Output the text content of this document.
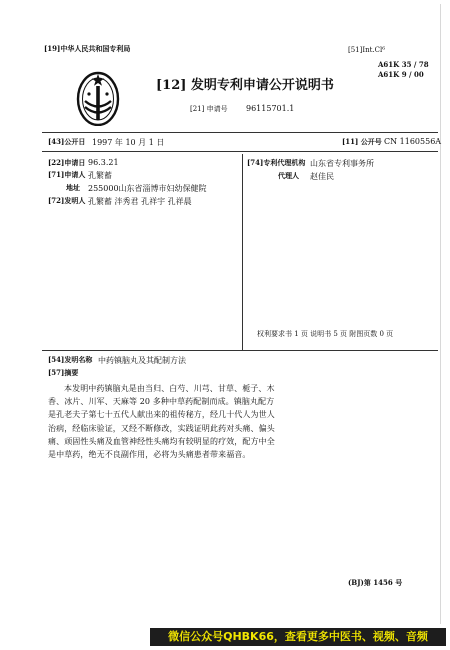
[19]中华人民共和国专利局	[51]Int.Cl⁶
A61K 35 / 78
A61K 9 / 00
[12] 发明专利申请公开说明书
[21] 申请号 96115701.1
[43]公开日 1997 年 10 月 1 日	[11] 公开号 CN 1160556A
[22]申请日 96.3.21
[71]申请人 孔繁蓄
地址 255000山东省淄博市妇幼保健院
[72]发明人 孔繁蓄 泮秀君 孔祥宇 孔祥晨
[74]专利代理机构 山东省专利事务所
代理人 赵佳民
权利要求书 1 页 说明书 5 页 附图页数 0 页
[54]发明名称 中药镇脑丸及其配制方法
[57]摘要
本发明中药镇脑丸是由当归、白芍、川芎、甘草、栀子、木香、冰片、川军、天麻等 20 多种中草药配制而成。镇脑丸配方是孔老夫子第七十五代人献出来的祖传秘方，经几十代人为世人治病，经临床验证，又经不断修改，实践证明此药对头痛、偏头痛、顽固性头痛及血管神经性头痛均有较明显的疗效，配方中全是中草药，绝无不良副作用，必将为头痛患者带来福音。
(BJ)第 1456 号
微信公众号QHBK66，查看更多中医书、视频、音频
